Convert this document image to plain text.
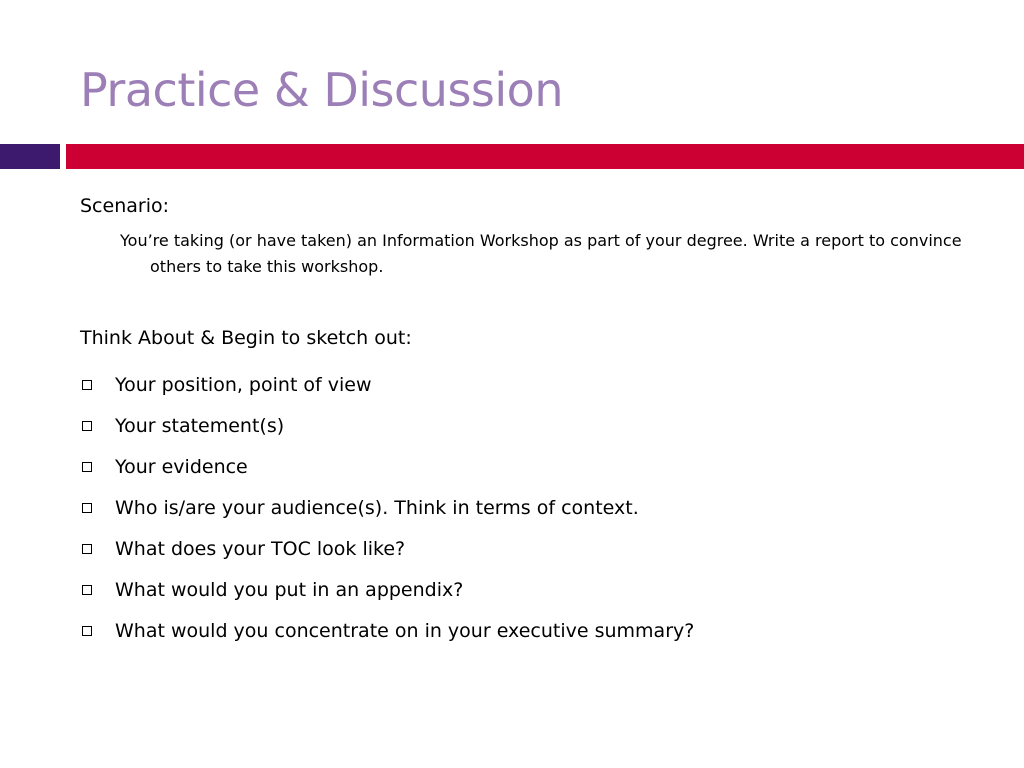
Practice & Discussion

Scenario:

You’re taking (or have taken) an Information Workshop as part of your degree. Write a report to convince others to take this workshop.

Think About & Begin to sketch out:

Your position, point of view
Your statement(s)
Your evidence
Who is/are your audience(s). Think in terms of context.
What does your TOC look like?
What would you put in an appendix?
What would you concentrate on in your executive summary?
